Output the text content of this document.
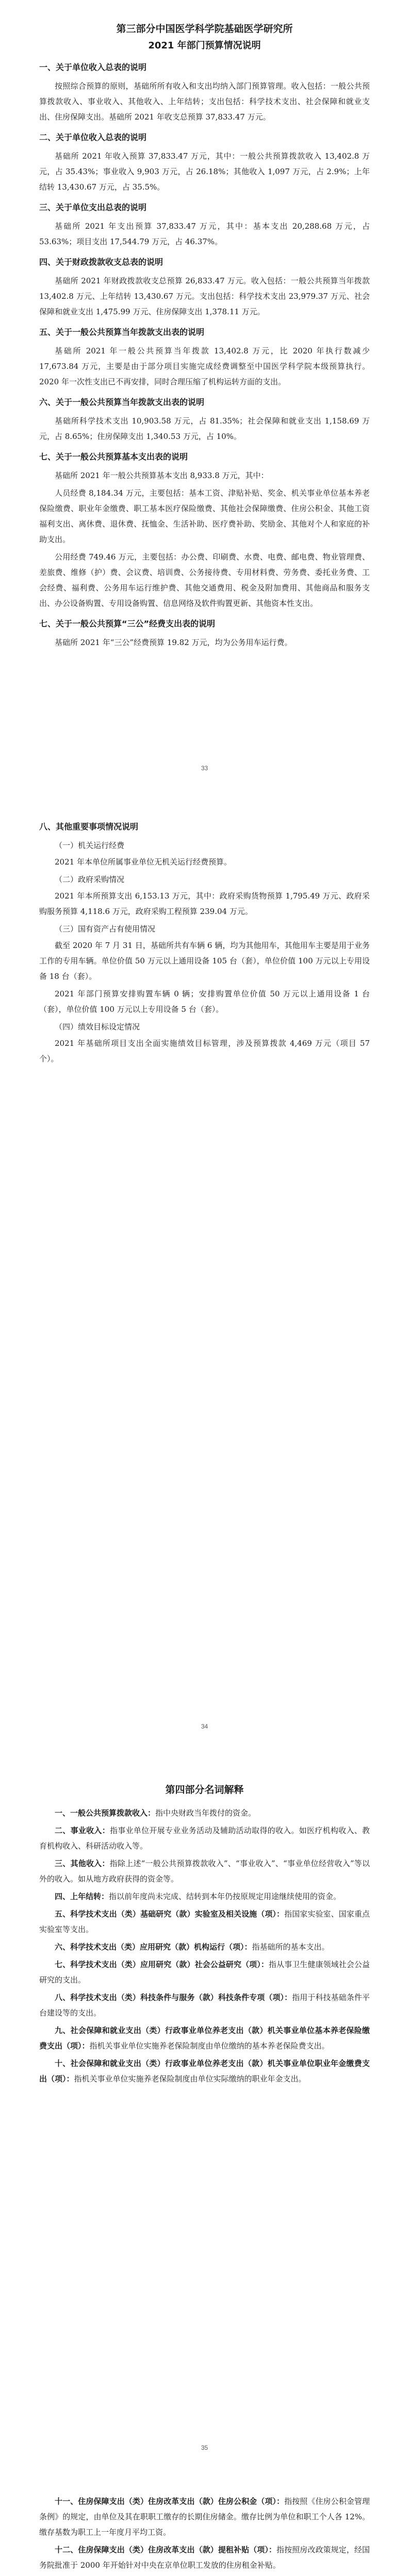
第三部分中国医学科学院基础医学研究所
2021 年部门预算情况说明
一、关于单位收入总表的说明

按照综合预算的原则，基础所所有收入和支出均纳入部门预算管理。收入包括：一般公共预算拨款收入、事业收入、其他收入、上年结转；支出包括：科学技术支出、社会保障和就业支出、住房保障支出。基础所 2021 年收支总预算 37,833.47 万元。

二、关于单位收入总表的说明

基础所 2021 年收入预算 37,833.47 万元，其中：一般公共预算拨款收入 13,402.8 万元，占 35.43%；事业收入 9,903 万元，占 26.18%；其他收入 1,097 万元，占 2.9%；上年结转 13,430.67 万元，占 35.5%。

三、关于单位支出总表的说明

基础所 2021 年支出预算 37,833.47 万元，其中：基本支出 20,288.68 万元，占 53.63%；项目支出 17,544.79 万元，占 46.37%。

四、关于财政拨款收支总表的说明

基础所 2021 年财政拨款收支总预算 26,833.47 万元。收入包括：一般公共预算当年拨款 13,402.8 万元、上年结转 13,430.67 万元。支出包括：科学技术支出 23,979.37 万元、社会保障和就业支出 1,475.99 万元、住房保障支出 1,378.11 万元。

五、关于一般公共预算当年拨款支出表的说明

基础所 2021 年一般公共预算当年拨款 13,402.8 万元，比 2020 年执行数减少 17,673.84 万元，主要是由于部分项目实施完成经费调整至中国医学科学院本级预算执行。2020 年一次性支出已不再安排，同时合理压缩了机构运转方面的支出。

六、关于一般公共预算当年拨款支出表的说明

基础所科学技术支出 10,903.58 万元，占 81.35%；社会保障和就业支出 1,158.69 万元，占 8.65%；住房保障支出 1,340.53 万元，占 10%。

七、关于一般公共预算基本支出表的说明

基础所 2021 年一般公共预算基本支出 8,933.8 万元，其中：

人员经费 8,184.34 万元，主要包括：基本工资、津贴补贴、奖金、机关事业单位基本养老保险缴费、职业年金缴费、职工基本医疗保险缴费、其他社会保障缴费、住房公积金、其他工资福利支出、离休费、退休费、抚恤金、生活补助、医疗费补助、奖励金、其他对个人和家庭的补助支出。

公用经费 749.46 万元，主要包括：办公费、印刷费、水费、电费、邮电费、物业管理费、差旅费、维修（护）费、会议费、培训费、公务接待费、专用材料费、劳务费、委托业务费、工会经费、福利费、公务用车运行维护费、其他交通费用、税金及附加费用、其他商品和服务支出、办公设备购置、专用设备购置、信息网络及软件购置更新、其他资本性支出。

七、关于一般公共预算“三公”经费支出表的说明

基础所 2021 年“三公”经费预算 19.82 万元，均为公务用车运行费。

33
八、其他重要事项情况说明
（一）机关运行经费

2021 年本单位所属事业单位无机关运行经费预算。

（二）政府采购情况

2021 年本所预算支出 6,153.13 万元，其中：政府采购货物预算 1,795.49 万元、政府采购服务预算 4,118.6 万元，政府采购工程预算 239.04 万元。

（三）国有资产占有使用情况

截至 2020 年 7 月 31 日，基础所共有车辆 6 辆，均为其他用车，其他用车主要是用于业务工作的专用车辆。单位价值 50 万元以上通用设备 105 台（套），单位价值 100 万元以上专用设备 18 台（套）。

2021 年部门预算安排购置车辆 0 辆；安排购置单位价值 50 万元以上通用设备 1 台（套），单位价值 100 万元以上专用设备 5 台（套）。

（四）绩效目标设定情况

2021 年基础所项目支出全面实施绩效目标管理，涉及预算拨款 4,469 万元（项目 57 个）。

34
第四部分名词解释

一、一般公共预算拨款收入：指中央财政当年拨付的资金。

二、事业收入：指事业单位开展专业业务活动及辅助活动取得的收入。如医疗机构收入、教育机构收入、科研活动收入等。

三、其他收入：指除上述“一般公共预算拨款收入”、“事业收入”、“事业单位经营收入”等以外的收入。如从地方政府获得的资金等。

四、上年结转：指以前年度尚未完成、结转到本年仍按原规定用途继续使用的资金。

五、科学技术支出（类）基础研究（款）实验室及相关设施（项）：指国家实验室、国家重点实验室等支出。

六、科学技术支出（类）应用研究（款）机构运行（项）：指基础所的基本支出。

七、科学技术支出（类）应用研究（款）社会公益研究（项）：指从事卫生健康领域社会公益研究的支出。

八、科学技术支出（类）科技条件与服务（款）科技条件专项（项）：指用于科技基础条件平台建设等的支出。

九、社会保障和就业支出（类）行政事业单位养老支出（款）机关事业单位基本养老保险缴费支出（项）：指机关事业单位实施养老保险制度由单位缴纳的基本养老保险费支出。

十、社会保障和就业支出（类）行政事业单位养老支出（款）机关事业单位职业年金缴费支出（项）：指机关事业单位实施养老保险制度由单位实际缴纳的职业年金支出。

35

十一、住房保障支出（类）住房改革支出（款）住房公积金（项）：指按照《住房公积金管理条例》的规定，由单位及其在职职工缴存的长期住房储金。缴存比例为单位和职工个人各 12%。缴存基数为职工上一年度月平均工资。

十二、住房保障支出（类）住房改革支出（款）提租补贴（项）：指按照房改政策规定，经国务院批准于 2000 年开始针对中央在京单位职工发放的住房租金补贴。
